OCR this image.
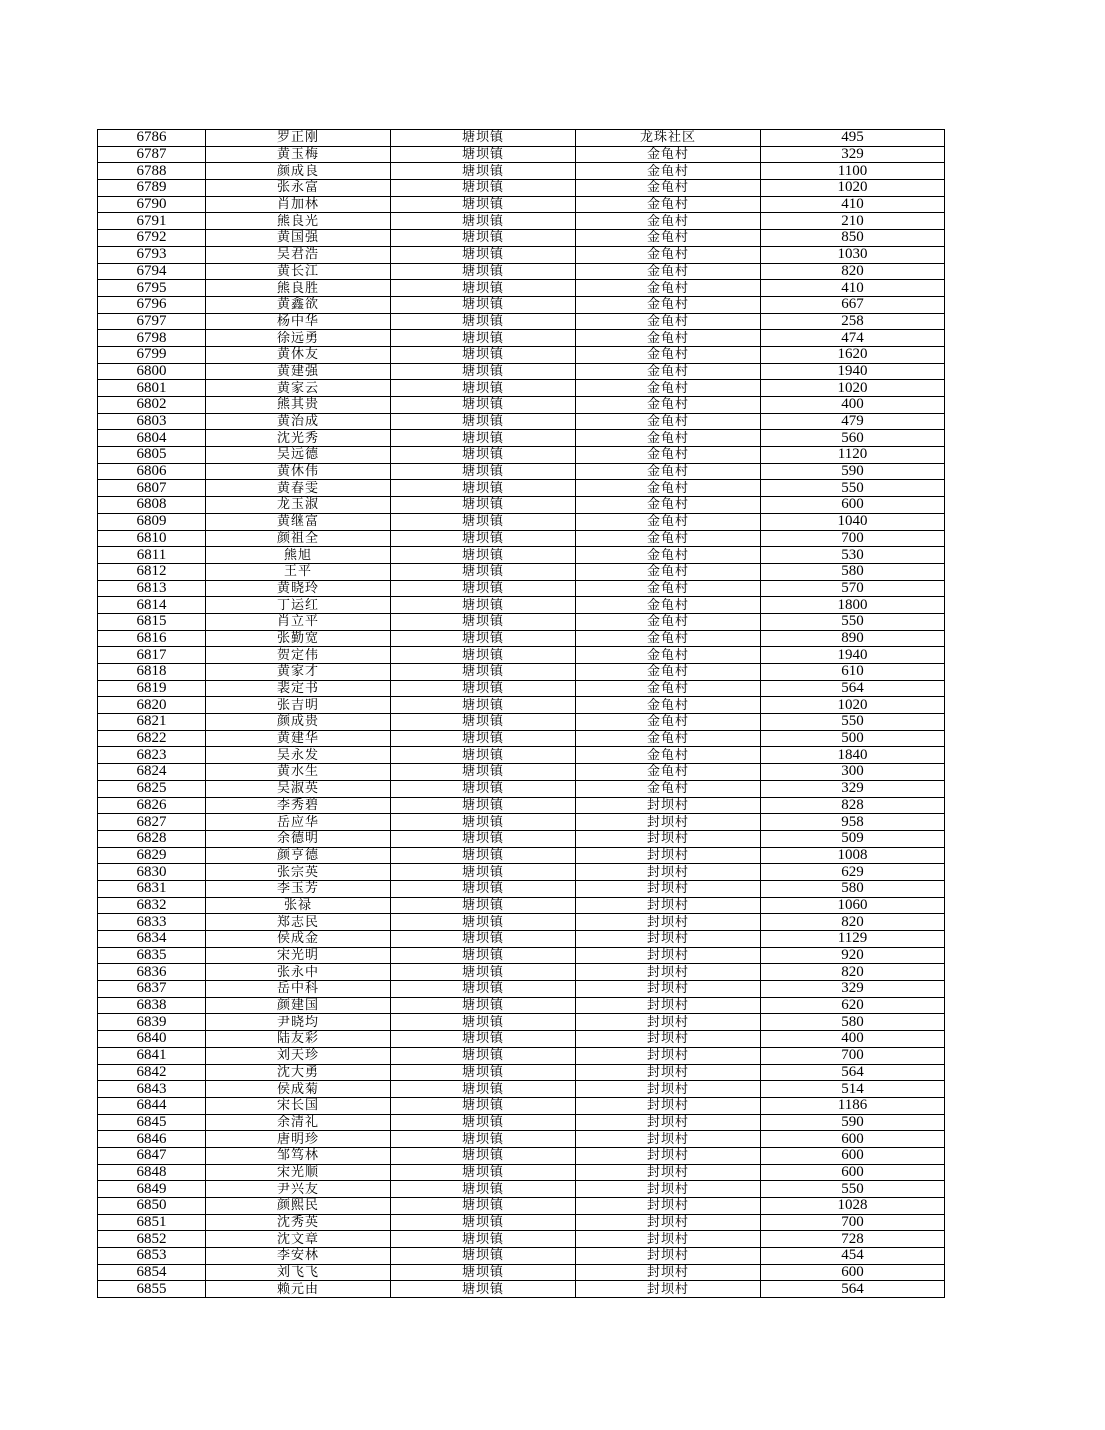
6786	罗正刚	塘坝镇	龙珠社区	495
6787	黄玉梅	塘坝镇	金龟村	329
6788	颜成良	塘坝镇	金龟村	1100
6789	张永富	塘坝镇	金龟村	1020
6790	肖加林	塘坝镇	金龟村	410
6791	熊良光	塘坝镇	金龟村	210
6792	黄国强	塘坝镇	金龟村	850
6793	吴君浩	塘坝镇	金龟村	1030
6794	黄长江	塘坝镇	金龟村	820
6795	熊良胜	塘坝镇	金龟村	410
6796	黄鑫欲	塘坝镇	金龟村	667
6797	杨中华	塘坝镇	金龟村	258
6798	徐远勇	塘坝镇	金龟村	474
6799	黄休友	塘坝镇	金龟村	1620
6800	黄建强	塘坝镇	金龟村	1940
6801	黄家云	塘坝镇	金龟村	1020
6802	熊其贵	塘坝镇	金龟村	400
6803	黄治成	塘坝镇	金龟村	479
6804	沈光秀	塘坝镇	金龟村	560
6805	吴远德	塘坝镇	金龟村	1120
6806	黄休伟	塘坝镇	金龟村	590
6807	黄春雯	塘坝镇	金龟村	550
6808	龙玉淑	塘坝镇	金龟村	600
6809	黄继富	塘坝镇	金龟村	1040
6810	颜祖全	塘坝镇	金龟村	700
6811	熊旭	塘坝镇	金龟村	530
6812	王平	塘坝镇	金龟村	580
6813	黄晓玲	塘坝镇	金龟村	570
6814	丁运红	塘坝镇	金龟村	1800
6815	肖立平	塘坝镇	金龟村	550
6816	张勤宽	塘坝镇	金龟村	890
6817	贺定伟	塘坝镇	金龟村	1940
6818	黄家才	塘坝镇	金龟村	610
6819	裴定书	塘坝镇	金龟村	564
6820	张吉明	塘坝镇	金龟村	1020
6821	颜成贵	塘坝镇	金龟村	550
6822	黄建华	塘坝镇	金龟村	500
6823	吴永发	塘坝镇	金龟村	1840
6824	黄水生	塘坝镇	金龟村	300
6825	吴淑英	塘坝镇	金龟村	329
6826	李秀碧	塘坝镇	封坝村	828
6827	岳应华	塘坝镇	封坝村	958
6828	余德明	塘坝镇	封坝村	509
6829	颜亨德	塘坝镇	封坝村	1008
6830	张宗英	塘坝镇	封坝村	629
6831	李玉芳	塘坝镇	封坝村	580
6832	张禄	塘坝镇	封坝村	1060
6833	郑志民	塘坝镇	封坝村	820
6834	侯成金	塘坝镇	封坝村	1129
6835	宋光明	塘坝镇	封坝村	920
6836	张永中	塘坝镇	封坝村	820
6837	岳中科	塘坝镇	封坝村	329
6838	颜建国	塘坝镇	封坝村	620
6839	尹晓均	塘坝镇	封坝村	580
6840	陆友彩	塘坝镇	封坝村	400
6841	刘天珍	塘坝镇	封坝村	700
6842	沈大勇	塘坝镇	封坝村	564
6843	侯成菊	塘坝镇	封坝村	514
6844	宋长国	塘坝镇	封坝村	1186
6845	余清礼	塘坝镇	封坝村	590
6846	唐明珍	塘坝镇	封坝村	600
6847	邹笃林	塘坝镇	封坝村	600
6848	宋光顺	塘坝镇	封坝村	600
6849	尹兴友	塘坝镇	封坝村	550
6850	颜熙民	塘坝镇	封坝村	1028
6851	沈秀英	塘坝镇	封坝村	700
6852	沈文章	塘坝镇	封坝村	728
6853	李安林	塘坝镇	封坝村	454
6854	刘飞飞	塘坝镇	封坝村	600
6855	赖元由	塘坝镇	封坝村	564
